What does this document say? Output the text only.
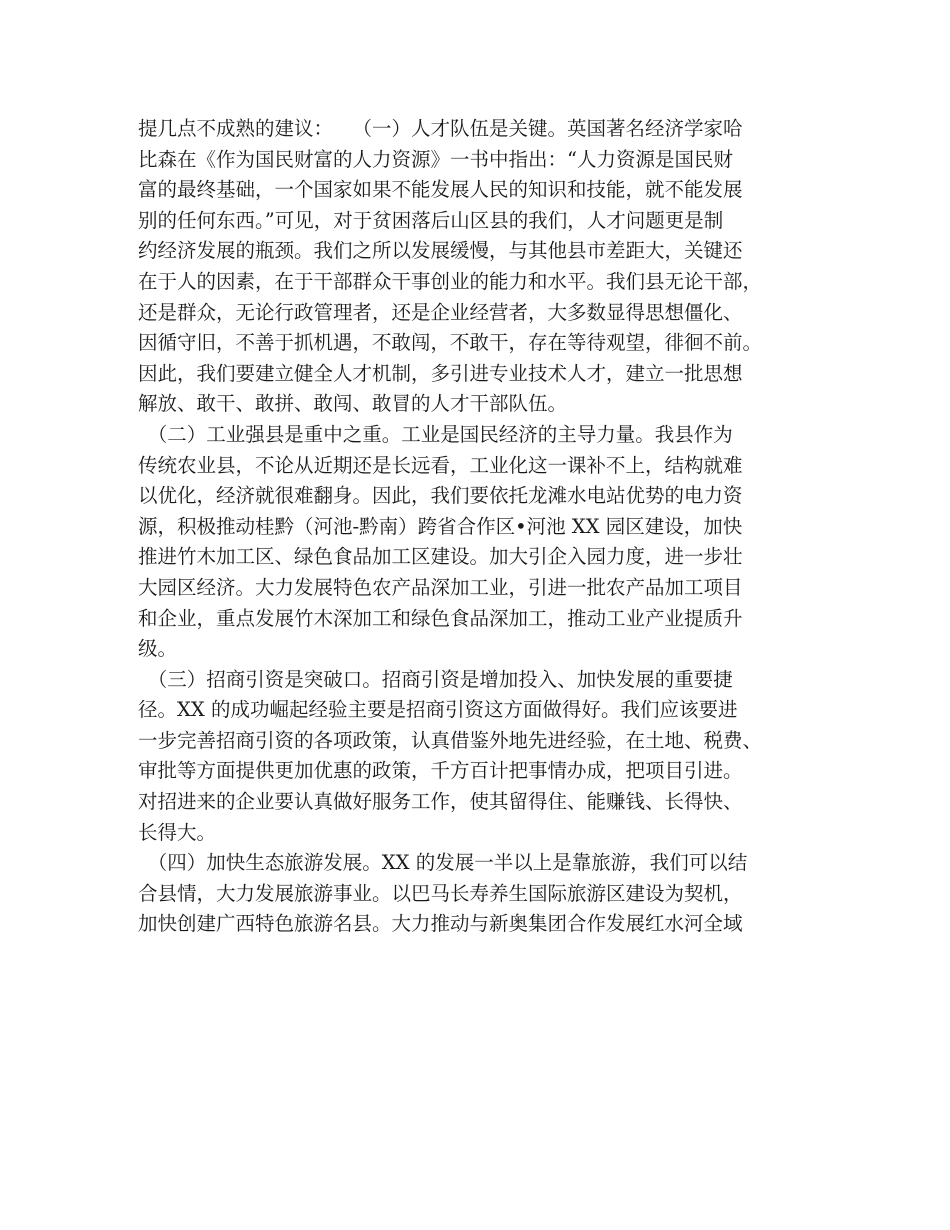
提几点不成熟的建议：　　（一）人才队伍是关键。英国著名经济学家哈
比森在《作为国民财富的人力资源》一书中指出：“人力资源是国民财
富的最终基础，一个国家如果不能发展人民的知识和技能，就不能发展
别的任何东西。”可见，对于贫困落后山区县的我们，人才问题更是制
约经济发展的瓶颈。我们之所以发展缓慢，与其他县市差距大，关键还
在于人的因素，在于干部群众干事创业的能力和水平。我们县无论干部，
还是群众，无论行政管理者，还是企业经营者，大多数显得思想僵化、
因循守旧，不善于抓机遇，不敢闯，不敢干，存在等待观望，徘徊不前。
因此，我们要建立健全人才机制，多引进专业技术人才，建立一批思想
解放、敢干、敢拼、敢闯、敢冒的人才干部队伍。
　（二）工业强县是重中之重。工业是国民经济的主导力量。我县作为
传统农业县，不论从近期还是长远看，工业化这一课补不上，结构就难
以优化，经济就很难翻身。因此，我们要依托龙滩水电站优势的电力资
源，积极推动桂黔（河池-黔南）跨省合作区•河池 XX 园区建设，加快
推进竹木加工区、绿色食品加工区建设。加大引企入园力度，进一步壮
大园区经济。大力发展特色农产品深加工业，引进一批农产品加工项目
和企业，重点发展竹木深加工和绿色食品深加工，推动工业产业提质升
级。
　（三）招商引资是突破口。招商引资是增加投入、加快发展的重要捷
径。XX 的成功崛起经验主要是招商引资这方面做得好。我们应该要进
一步完善招商引资的各项政策，认真借鉴外地先进经验，在土地、税费、
审批等方面提供更加优惠的政策，千方百计把事情办成，把项目引进。
对招进来的企业要认真做好服务工作，使其留得住、能赚钱、长得快、
长得大。
　（四）加快生态旅游发展。XX 的发展一半以上是靠旅游，我们可以结
合县情，大力发展旅游事业。以巴马长寿养生国际旅游区建设为契机，
加快创建广西特色旅游名县。大力推动与新奥集团合作发展红水河全域
